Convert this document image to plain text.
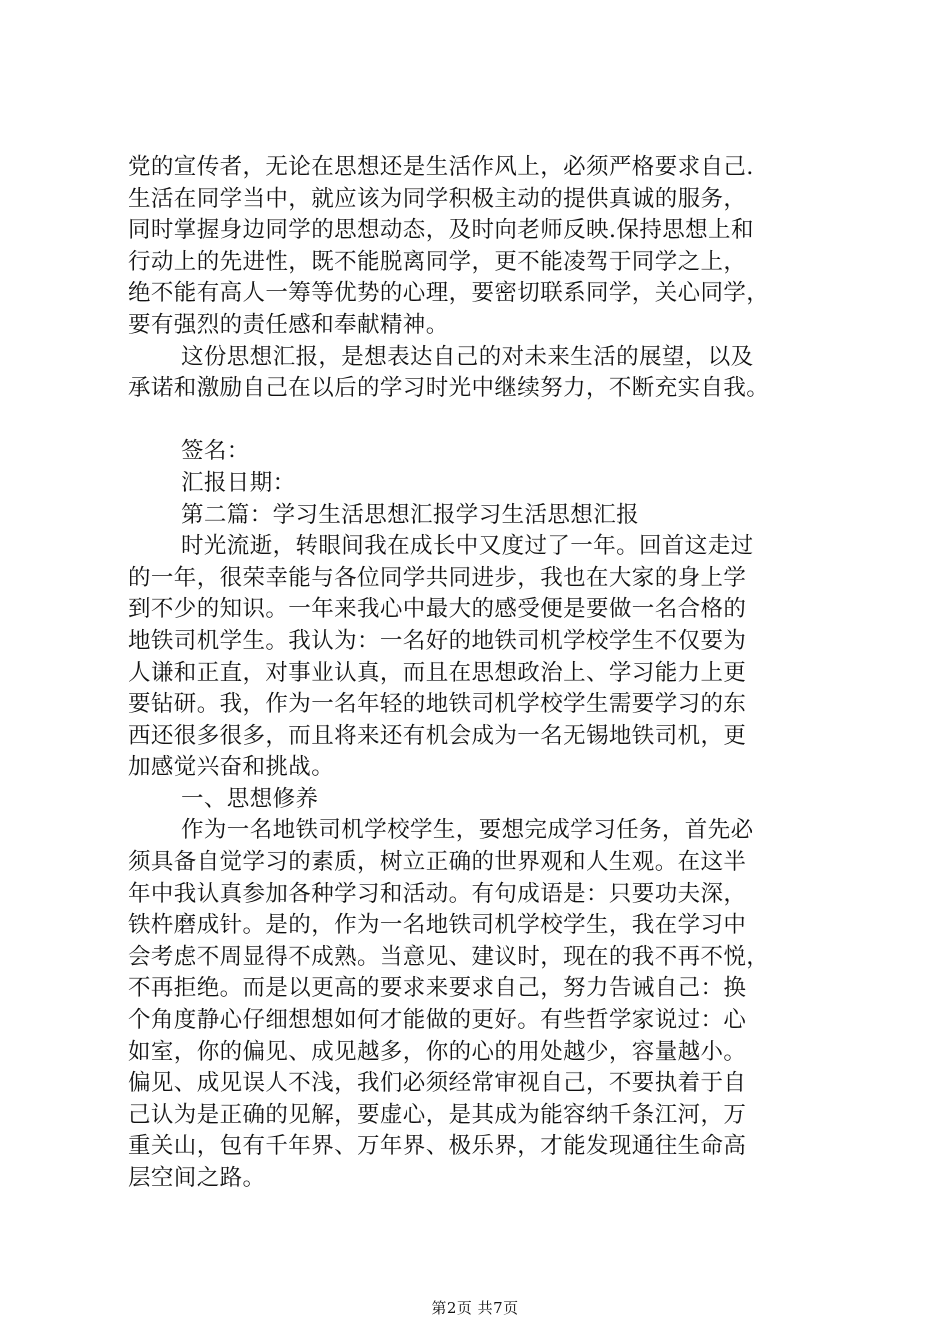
党的宣传者，无论在思想还是生活作风上，必须严格要求自己.
生活在同学当中，就应该为同学积极主动的提供真诚的服务，
同时掌握身边同学的思想动态，及时向老师反映.保持思想上和
行动上的先进性，既不能脱离同学，更不能凌驾于同学之上，
绝不能有高人一筹等优势的心理，要密切联系同学，关心同学，
要有强烈的责任感和奉献精神。
这份思想汇报，是想表达自己的对未来生活的展望，以及
承诺和激励自己在以后的学习时光中继续努力，不断充实自我。
签名：
汇报日期：
第二篇：学习生活思想汇报学习生活思想汇报
时光流逝，转眼间我在成长中又度过了一年。回首这走过
的一年，很荣幸能与各位同学共同进步，我也在大家的身上学
到不少的知识。一年来我心中最大的感受便是要做一名合格的
地铁司机学生。我认为：一名好的地铁司机学校学生不仅要为
人谦和正直，对事业认真，而且在思想政治上、学习能力上更
要钻研。我，作为一名年轻的地铁司机学校学生需要学习的东
西还很多很多，而且将来还有机会成为一名无锡地铁司机，更
加感觉兴奋和挑战。
一、思想修养
作为一名地铁司机学校学生，要想完成学习任务，首先必
须具备自觉学习的素质，树立正确的世界观和人生观。在这半
年中我认真参加各种学习和活动。有句成语是：只要功夫深，
铁杵磨成针。是的，作为一名地铁司机学校学生，我在学习中
会考虑不周显得不成熟。当意见、建议时，现在的我不再不悦，
不再拒绝。而是以更高的要求来要求自己，努力告诫自己：换
个角度静心仔细想想如何才能做的更好。有些哲学家说过：心
如室，你的偏见、成见越多，你的心的用处越少，容量越小。
偏见、成见误人不浅，我们必须经常审视自己，不要执着于自
己认为是正确的见解，要虚心，是其成为能容纳千条江河，万
重关山，包有千年界、万年界、极乐界，才能发现通往生命高
层空间之路。
第2页 共7页
